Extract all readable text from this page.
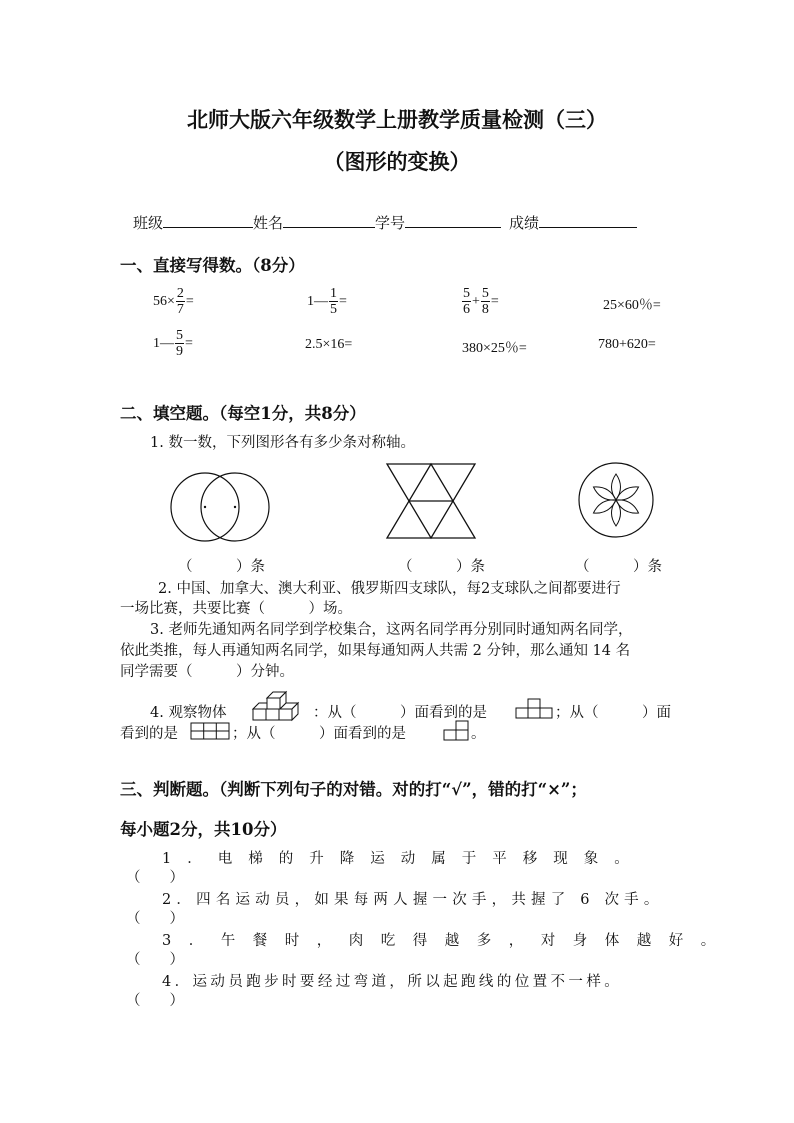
北师大版六年级数学上册教学质量检测（三）
（图形的变换）
班级	姓名	学号	成绩
一、直接写得数。（8分）
$56\times \frac{2}{7}$ =	1— $\frac{1}{5}$ =	$\frac{5}{6} + \frac{5}{8}$ =	25×60％=
1— $\frac{5}{9}$ =	2.5×16=	380×25％=	780+620=
二、填空题。（每空1分，共8分）
1. 数一数，下列图形各有多少条对称轴。
（　　　）条	（　　　）条	（　　　）条
2. 中国、加拿大、澳大利亚、俄罗斯四支球队，每2支球队之间都要进行
一场比赛，共要比赛（　　　）场。
3. 老师先通知两名同学到学校集合，这两名同学再分别同时通知两名同学，
依此类推，每人再通知两名同学，如果每通知两人共需 2 分钟，那么通知 14 名
同学需要（　　　）分钟。
4. 观察物体	：从（　　　）面看到的是	；从（　　　）面
看到的是	；从（　　　）面看到的是	。
三、判断题。（判断下列句子的对错。对的打“√”，错的打“×”；
每小题2分，共10分）
1．电梯的升降运动属于平移现象。
（　　）
2．四名运动员，如果每两人握一次手，共握了 6 次手。
（　　）
3．午餐时，肉吃得越多，对身体越好。
（　　）
4．运动员跑步时要经过弯道，所以起跑线的位置不一样。
（　　）
